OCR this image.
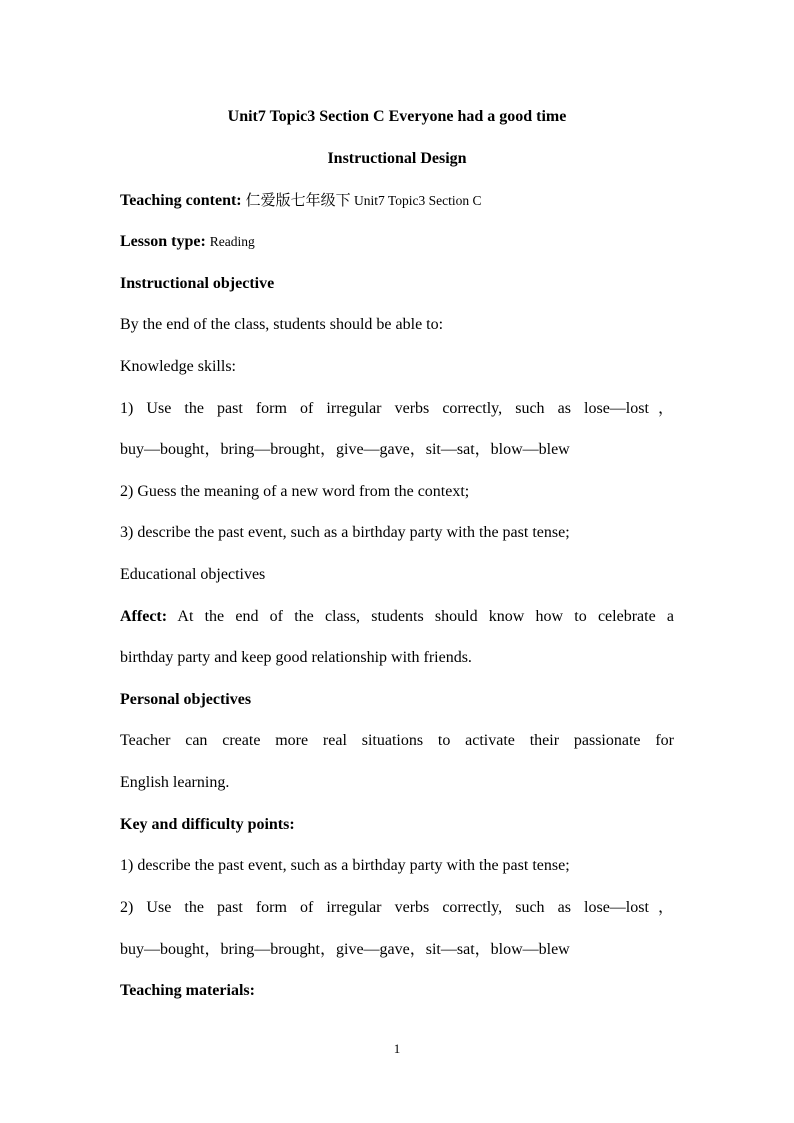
Unit7 Topic3 Section C Everyone had a good time
Instructional Design
Teaching content: 仁爱版七年级下 Unit7 Topic3 Section C
Lesson type: Reading
Instructional objective
By the end of the class, students should be able to:
Knowledge skills:
1) Use the past form of irregular verbs correctly, such as lose—lost，
buy—bought，bring—brought，give—gave，sit—sat，blow—blew
2) Guess the meaning of a new word from the context;
3) describe the past event, such as a birthday party with the past tense;
Educational objectives
Affect: At the end of the class, students should know how to celebrate a
birthday party and keep good relationship with friends.
Personal objectives
Teacher can create more real situations to activate their passionate for
English learning.
Key and difficulty points:
1) describe the past event, such as a birthday party with the past tense;
2) Use the past form of irregular verbs correctly, such as lose—lost，
buy—bought，bring—brought，give—gave，sit—sat，blow—blew
Teaching materials:
1
